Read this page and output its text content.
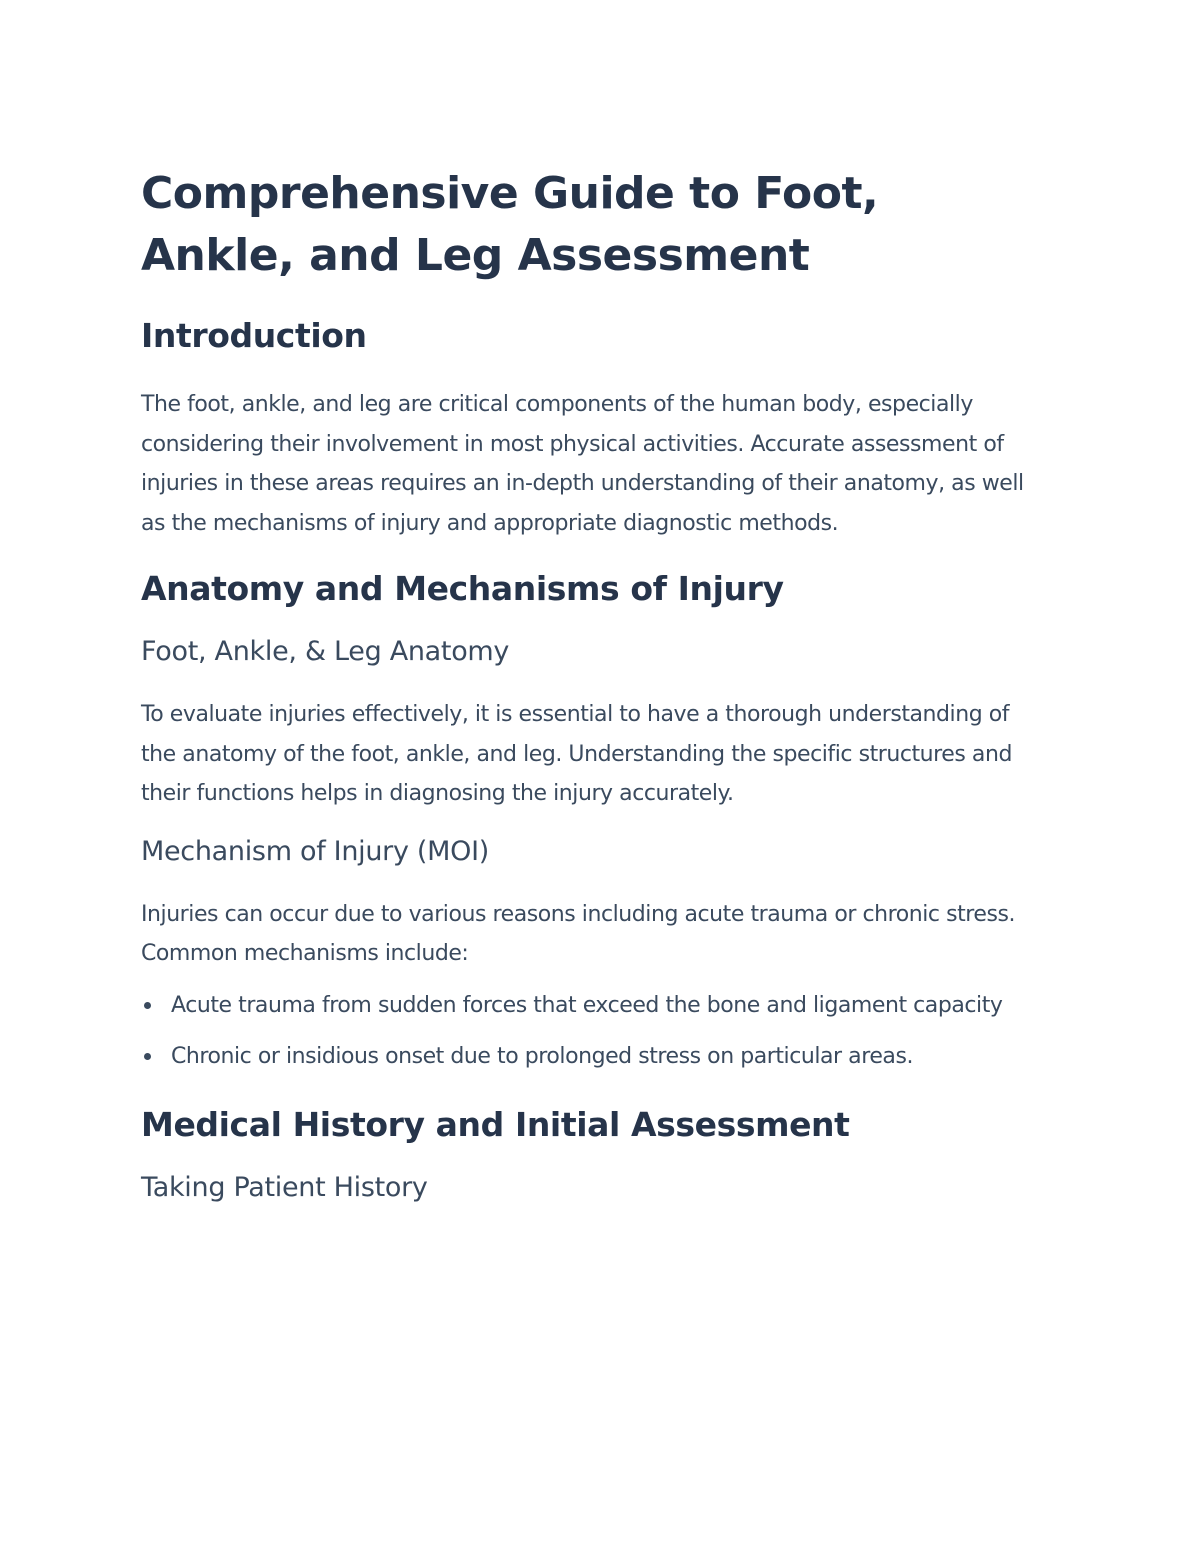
Comprehensive Guide to Foot, Ankle, and Leg Assessment
Introduction

The foot, ankle, and leg are critical components of the human body, especially considering their involvement in most physical activities. Accurate assessment of injuries in these areas requires an in-depth understanding of their anatomy, as well as the mechanisms of injury and appropriate diagnostic methods.

Anatomy and Mechanisms of Injury
Foot, Ankle, & Leg Anatomy

To evaluate injuries effectively, it is essential to have a thorough understanding of the anatomy of the foot, ankle, and leg. Understanding the specific structures and their functions helps in diagnosing the injury accurately.

Mechanism of Injury (MOI)

Injuries can occur due to various reasons including acute trauma or chronic stress. Common mechanisms include:

Acute trauma from sudden forces that exceed the bone and ligament capacity
Chronic or insidious onset due to prolonged stress on particular areas.
Medical History and Initial Assessment
Taking Patient History
